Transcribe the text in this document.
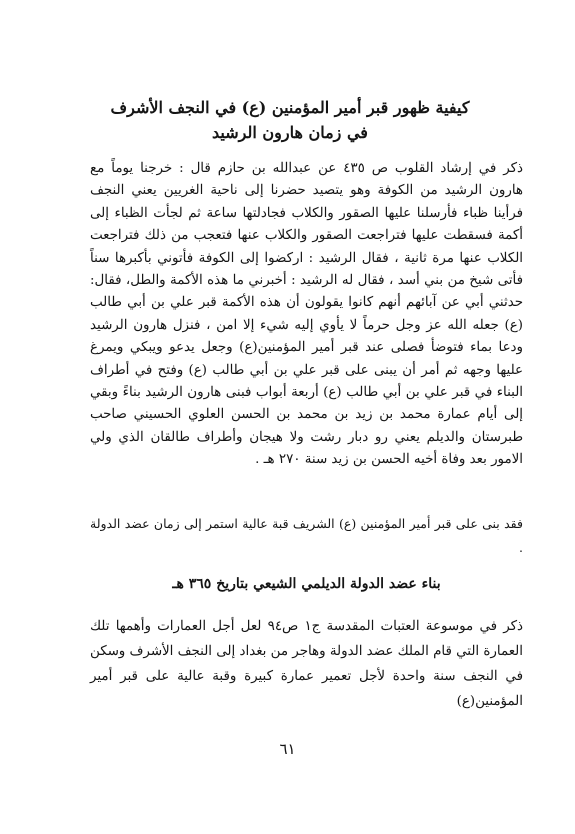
كيفية ظهور قبر أمير المؤمنين (ع) في النجف الأشرف
في زمان هارون الرشيد

ذكر في إرشاد القلوب ص ٤٣٥ عن عبدالله بن حازم قال : خرجنا يوماً مع هارون الرشيد من الكوفة وهو يتصيد حضرنا إلى ناحية الغريين يعني النجف فرأينا ظباء فأرسلنا عليها الصقور والكلاب فجادلتها ساعة ثم لجأت الظباء إلى أكمة فسقطت عليها فتراجعت الصقور والكلاب عنها فتعجب من ذلك فتراجعت الكلاب عنها مرة ثانية ، فقال الرشيد : اركضوا إلى الكوفة فأتوني بأكبرها سناً فأتى شيخ من بني أسد ، فقال له الرشيد : أخبرني ما هذه الأكمة والطل، فقال: حدثني أبي عن آبائهم أنهم كانوا يقولون أن هذه الأكمة قبر علي بن أبي طالب (ع) جعله الله عز وجل حرماً لا يأوي إليه شيء إلا امن ، فنزل هارون الرشيد ودعا بماء فتوضأ فصلى عند قبر أمير المؤمنين(ع) وجعل يدعو ويبكي ويمرغ عليها وجهه ثم أمر أن يبنى على قبر علي بن أبي طالب (ع) وفتح في أطراف البناء في قبر علي بن أبي طالب (ع) أربعة أبواب فبنى هارون الرشيد بناءً وبقي إلى أيام عمارة محمد بن زيد بن محمد بن الحسن العلوي الحسيني صاحب طبرستان والديلم يعني رو دبار رشت ولا هيجان وأطراف طالقان الذي ولي الامور بعد وفاة أخيه الحسن بن زيد سنة ٢٧٠ هـ .

فقد بنى على قبر أمير المؤمنين (ع) الشريف قبة عالية استمر إلى زمان عضد الدولة .

بناء عضد الدولة الديلمي الشيعي بتاريخ ٣٦٥ هـ

ذكر في موسوعة العتبات المقدسة ج١ ص٩٤ لعل أجل العمارات وأهمها تلك العمارة التي قام الملك عضد الدولة وهاجر من بغداد إلى النجف الأشرف وسكن في النجف سنة واحدة لأجل تعمير عمارة كبيرة وقبة عالية على قبر أمير المؤمنين(ع)

٦١
